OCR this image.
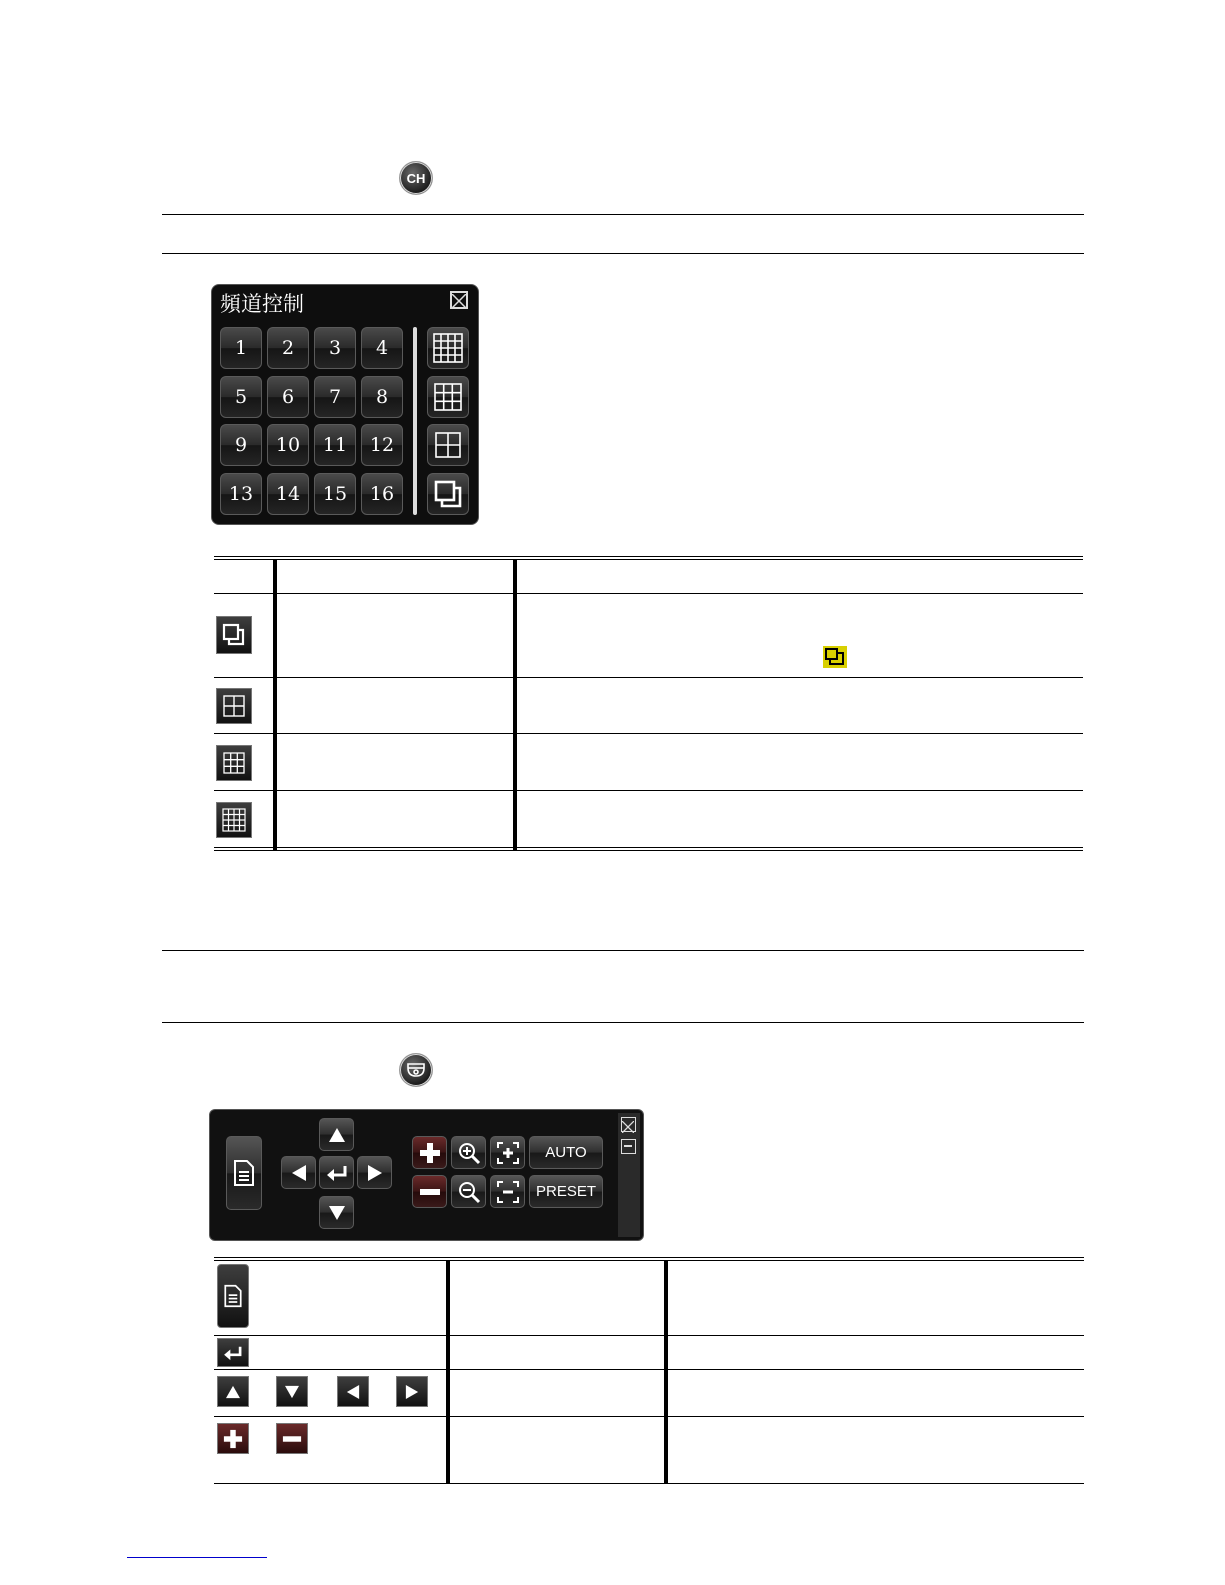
CH
頻道控制
1	2	3	4
5	6	7	8
9	10	11	12
13	14	15	16
AUTO
PRESET
